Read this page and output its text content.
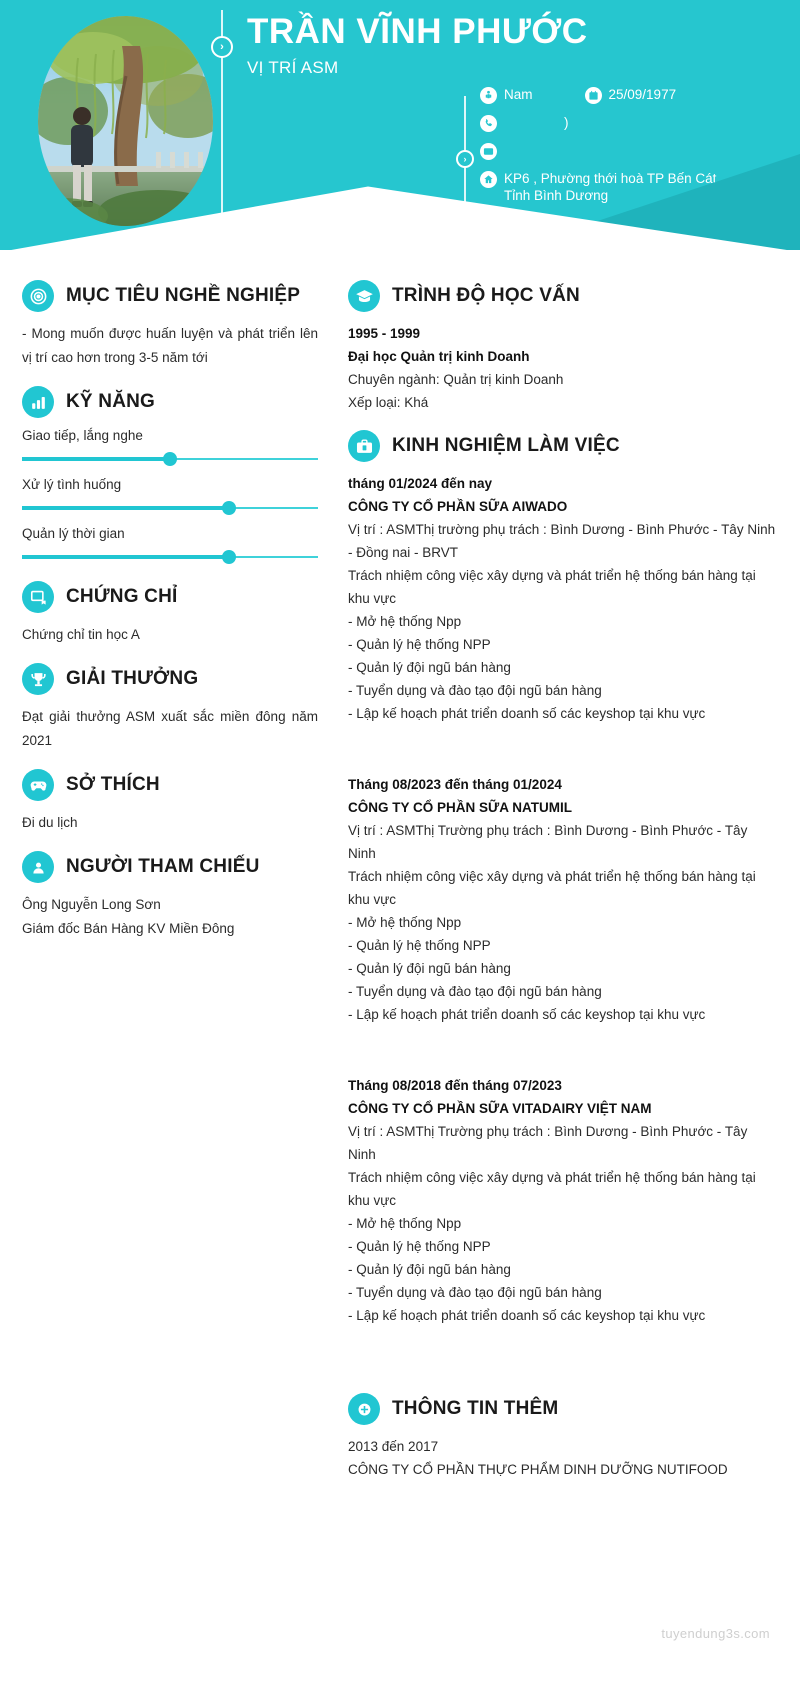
› TRẦN VĨNH PHƯỚC
VỊ TRÍ ASM
›
Nam	25/09/1977
)
KP6 , Phường thới hoà TP Bến Cát ,
Tỉnh Bình Dương
MỤC TIÊU NGHỀ NGHIỆP
- Mong muốn được huấn luyện và phát triển lên vị trí cao hơn trong 3-5 năm tới
KỸ NĂNG
Giao tiếp, lắng nghe
Xử lý tình huống
Quản lý thời gian
CHỨNG CHỈ
Chứng chỉ tin học A
GIẢI THƯỞNG
Đạt giải thưởng ASM xuất sắc miền đông năm 2021
SỞ THÍCH
Đi du lịch
NGƯỜI THAM CHIẾU
Ông Nguyễn Long Sơn
Giám đốc Bán Hàng KV Miền Đông
TRÌNH ĐỘ HỌC VẤN
1995 - 1999
Đại học Quản trị kinh Doanh
Chuyên ngành: Quản trị kinh Doanh
Xếp loại: Khá
KINH NGHIỆM LÀM VIỆC
tháng 01/2024 đến nay
CÔNG TY CỔ PHẦN SỮA AIWADO
Vị trí : ASMThị trường phụ trách : Bình Dương - Bình Phước - Tây Ninh - Đồng nai - BRVT
Trách nhiệm công việc xây dựng và phát triển hệ thống bán hàng tại khu vực
- Mở hệ thống Npp
- Quản lý hệ thống NPP
- Quản lý đội ngũ bán hàng
- Tuyển dụng và đào tạo đội ngũ bán hàng
- Lập kế hoạch phát triển doanh số các keyshop tại khu vực
Tháng 08/2023 đến tháng 01/2024
CÔNG TY CỔ PHẦN SỮA NATUMIL
Vị trí : ASMThị Trường phụ trách : Bình Dương - Bình Phước - Tây Ninh
Trách nhiệm công việc xây dựng và phát triển hệ thống bán hàng tại khu vực
- Mở hệ thống Npp
- Quản lý hệ thống NPP
- Quản lý đội ngũ bán hàng
- Tuyển dụng và đào tạo đội ngũ bán hàng
- Lập kế hoạch phát triển doanh số các keyshop tại khu vực
Tháng 08/2018 đến tháng 07/2023
CÔNG TY CỔ PHẦN SỮA VITADAIRY VIỆT NAM
Vị trí : ASMThị Trường phụ trách : Bình Dương - Bình Phước - Tây Ninh
Trách nhiệm công việc xây dựng và phát triển hệ thống bán hàng tại khu vực
- Mở hệ thống Npp
- Quản lý hệ thống NPP
- Quản lý đội ngũ bán hàng
- Tuyển dụng và đào tạo đội ngũ bán hàng
- Lập kế hoạch phát triển doanh số các keyshop tại khu vực
THÔNG TIN THÊM
2013 đến 2017
CÔNG TY CỔ PHẦN THỰC PHẨM DINH DƯỠNG NUTIFOOD
tuyendung3s.com
